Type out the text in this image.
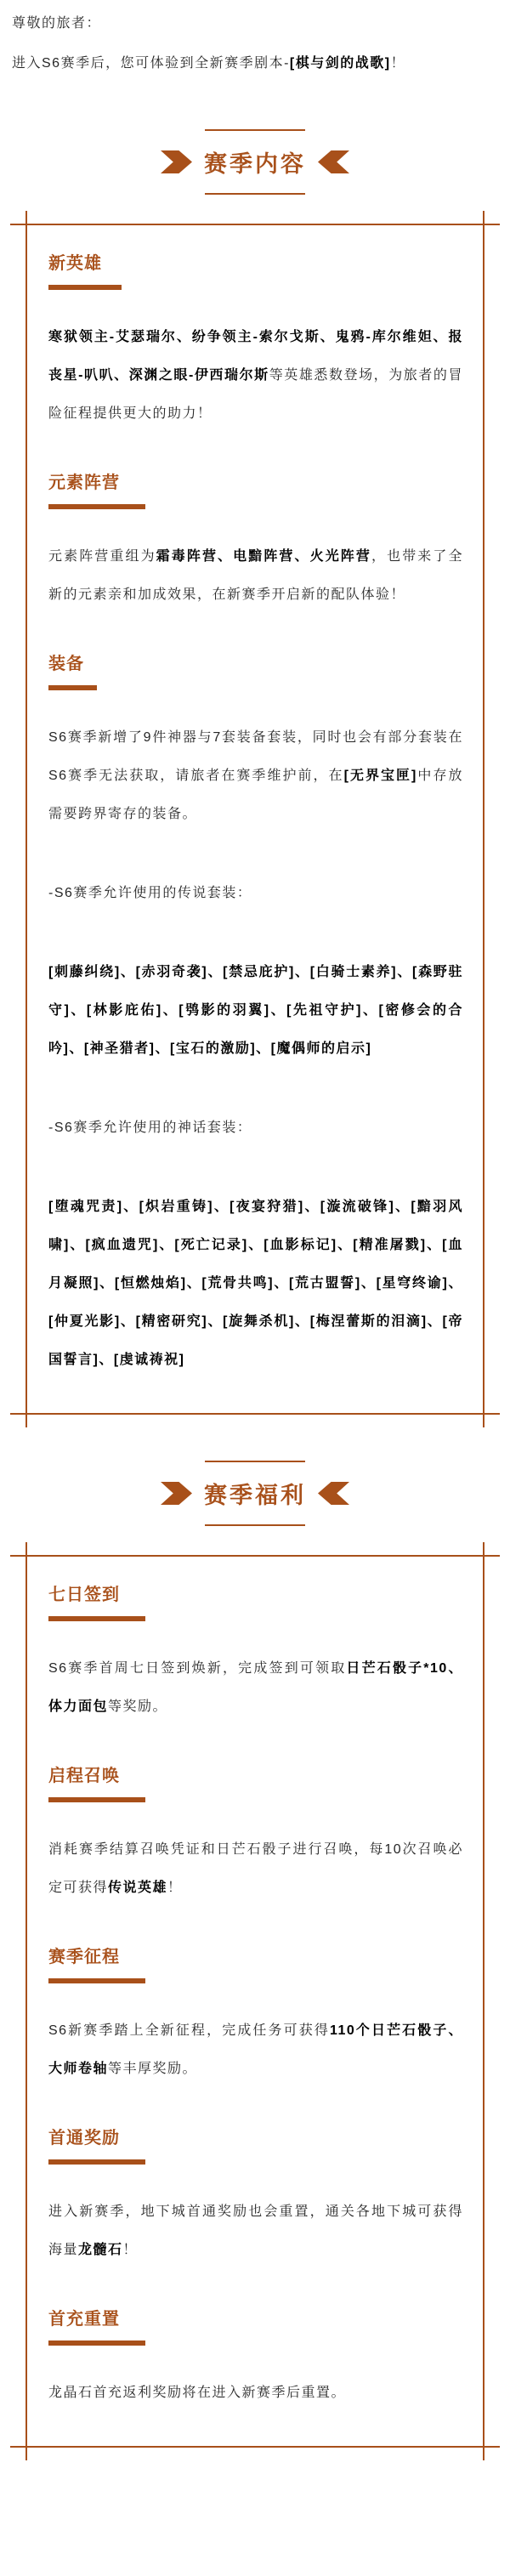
尊敬的旅者：

进入S6赛季后，您可体验到全新赛季剧本-[棋与剑的战歌]！

赛季内容
新英雄

寒狱领主-艾瑟瑞尔、纷争领主-索尔戈斯、鬼鸦-库尔维妲、报丧星-叭叭、深渊之眼-伊西瑞尔斯等英雄悉数登场，为旅者的冒险征程提供更大的助力！

元素阵营

元素阵营重组为霜毒阵营、电黯阵营、火光阵营，也带来了全新的元素亲和加成效果，在新赛季开启新的配队体验！

装备

S6赛季新增了9件神器与7套装备套装，同时也会有部分套装在S6赛季无法获取，请旅者在赛季维护前，在[无界宝匣]中存放需要跨界寄存的装备。

-S6赛季允许使用的传说套装：

[刺藤纠绕]、[赤羽奇袭]、[禁忌庇护]、[白骑士素养]、[森野驻守]、[林影庇佑]、[鸮影的羽翼]、[先祖守护]、[密修会的合吟]、[神圣猎者]、[宝石的激励]、[魔偶师的启示]

-S6赛季允许使用的神话套装：

[堕魂咒责]、[炽岩重铸]、[夜宴狩猎]、[漩流破锋]、[黯羽风啸]、[疯血遗咒]、[死亡记录]、[血影标记]、[精准屠戮]、[血月凝照]、[恒燃烛焰]、[荒骨共鸣]、[荒古盟誓]、[星穹终谕]、[仲夏光影]、[精密研究]、[旋舞杀机]、[梅涅蕾斯的泪滴]、[帝国誓言]、[虔诚祷祝]

赛季福利
七日签到

S6赛季首周七日签到焕新，完成签到可领取日芒石骰子*10、体力面包等奖励。

启程召唤

消耗赛季结算召唤凭证和日芒石骰子进行召唤，每10次召唤必定可获得传说英雄！

赛季征程

S6新赛季踏上全新征程，完成任务可获得110个日芒石骰子、大师卷轴等丰厚奖励。

首通奖励

进入新赛季，地下城首通奖励也会重置，通关各地下城可获得海量龙髓石！

首充重置

龙晶石首充返利奖励将在进入新赛季后重置。
